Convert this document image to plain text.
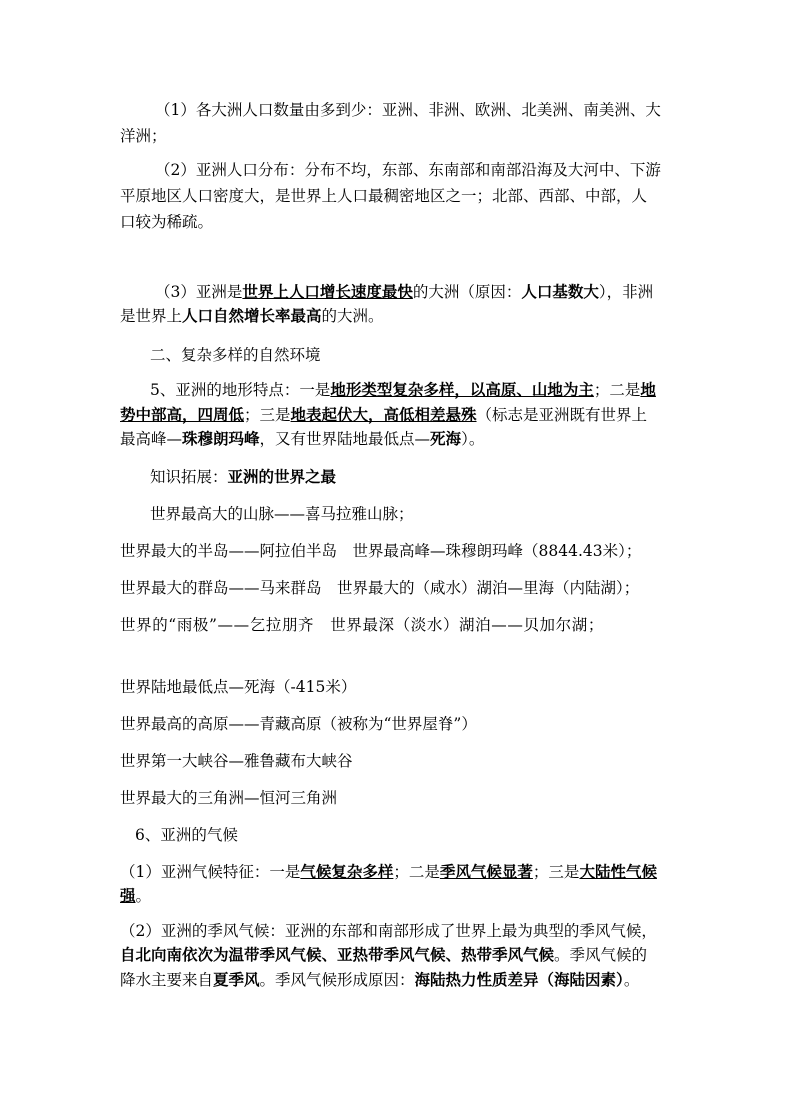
（1）各大洲人口数量由多到少：亚洲、非洲、欧洲、北美洲、南美洲、大
洋洲；
（2）亚洲人口分布：分布不均，东部、东南部和南部沿海及大河中、下游
平原地区人口密度大，是世界上人口最稠密地区之一；北部、西部、中部，人
口较为稀疏。
（3）亚洲是世界上人口增长速度最快的大洲（原因：人口基数大），非洲
是世界上人口自然增长率最高的大洲。
二、复杂多样的自然环境
5、亚洲的地形特点：一是地形类型复杂多样，以高原、山地为主；二是地
势中部高，四周低；三是地表起伏大，高低相差悬殊（标志是亚洲既有世界上
最高峰—珠穆朗玛峰，又有世界陆地最低点—死海）。
知识拓展：亚洲的世界之最
世界最高大的山脉——喜马拉雅山脉；
世界最大的半岛——阿拉伯半岛　世界最高峰—珠穆朗玛峰（8844.43米）；
世界最大的群岛——马来群岛　世界最大的（咸水）湖泊—里海（内陆湖）；
世界的“雨极”——乞拉朋齐　世界最深（淡水）湖泊——贝加尔湖；
世界陆地最低点—死海（-415米）
世界最高的高原——青藏高原（被称为“世界屋脊”）
世界第一大峡谷—雅鲁藏布大峡谷
世界最大的三角洲—恒河三角洲
6、亚洲的气候
（1）亚洲气候特征：一是气候复杂多样；二是季风气候显著；三是大陆性气候
强。
（2）亚洲的季风气候：亚洲的东部和南部形成了世界上最为典型的季风气候，
自北向南依次为温带季风气候、亚热带季风气候、热带季风气候。季风气候的
降水主要来自夏季风。季风气候形成原因：海陆热力性质差异（海陆因素）。
